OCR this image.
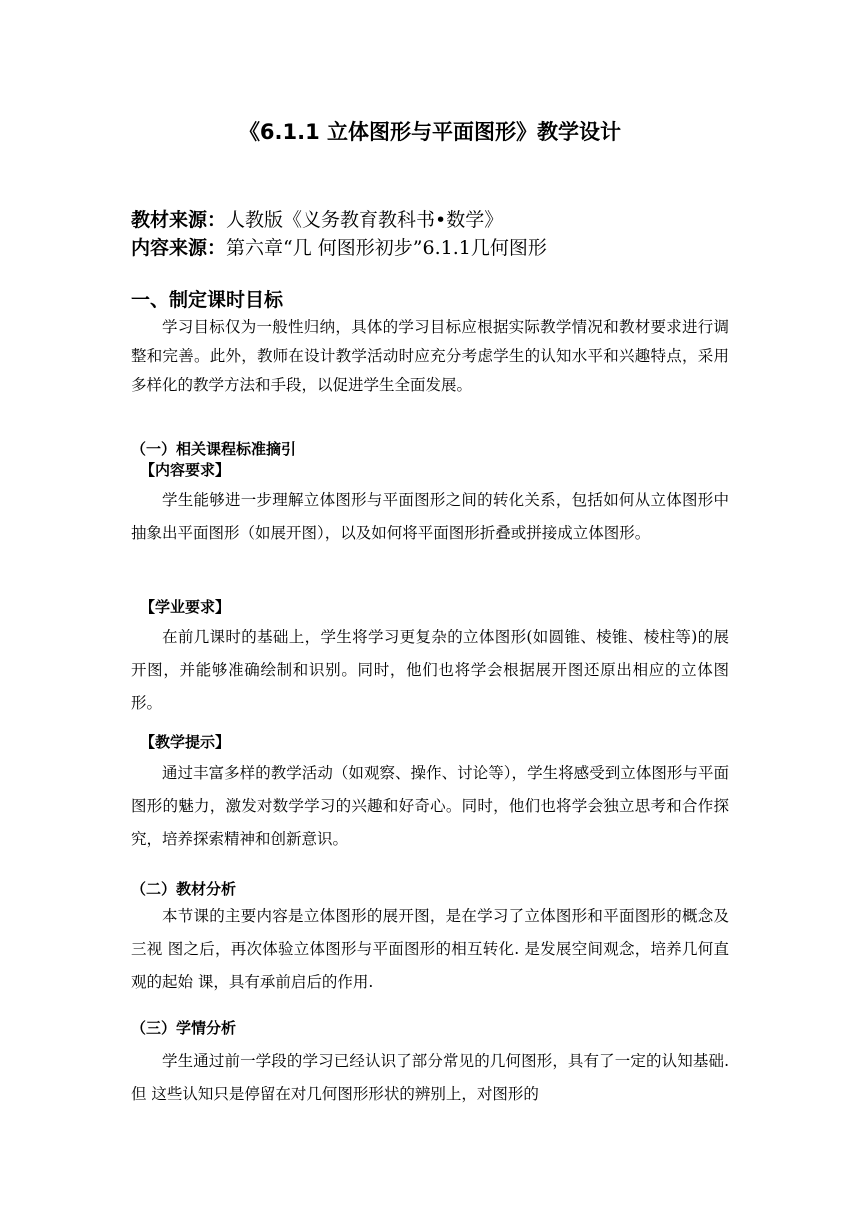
《6.1.1 立体图形与平面图形》教学设计
教材来源：人教版《义务教育教科书•数学》
内容来源：第六章“几 何图形初步”6.1.1几何图形
一、制定课时目标
学习目标仅为一般性归纳，具体的学习目标应根据实际教学情况和教材要求进行调整和完善。此外，教师在设计教学活动时应充分考虑学生的认知水平和兴趣特点，采用多样化的教学方法和手段，以促进学生全面发展。
（一）相关课程标准摘引
【内容要求】
学生能够进一步理解立体图形与平面图形之间的转化关系，包括如何从立体图形中抽象出平面图形（如展开图），以及如何将平面图形折叠或拼接成立体图形。
【学业要求】
在前几课时的基础上，学生将学习更复杂的立体图形(如圆锥、棱锥、棱柱等)的展开图，并能够准确绘制和识别。同时，他们也将学会根据展开图还原出相应的立体图形。
【教学提示】
通过丰富多样的教学活动（如观察、操作、讨论等），学生将感受到立体图形与平面图形的魅力，激发对数学学习的兴趣和好奇心。同时，他们也将学会独立思考和合作探究，培养探索精神和创新意识。
（二）教材分析
本节课的主要内容是立体图形的展开图，是在学习了立体图形和平面图形的概念及三视 图之后，再次体验立体图形与平面图形的相互转化. 是发展空间观念，培养几何直观的起始 课，具有承前启后的作用.
（三）学情分析
学生通过前一学段的学习已经认识了部分常见的几何图形，具有了一定的认知基础. 但 这些认知只是停留在对几何图形形状的辨别上，对图形的
